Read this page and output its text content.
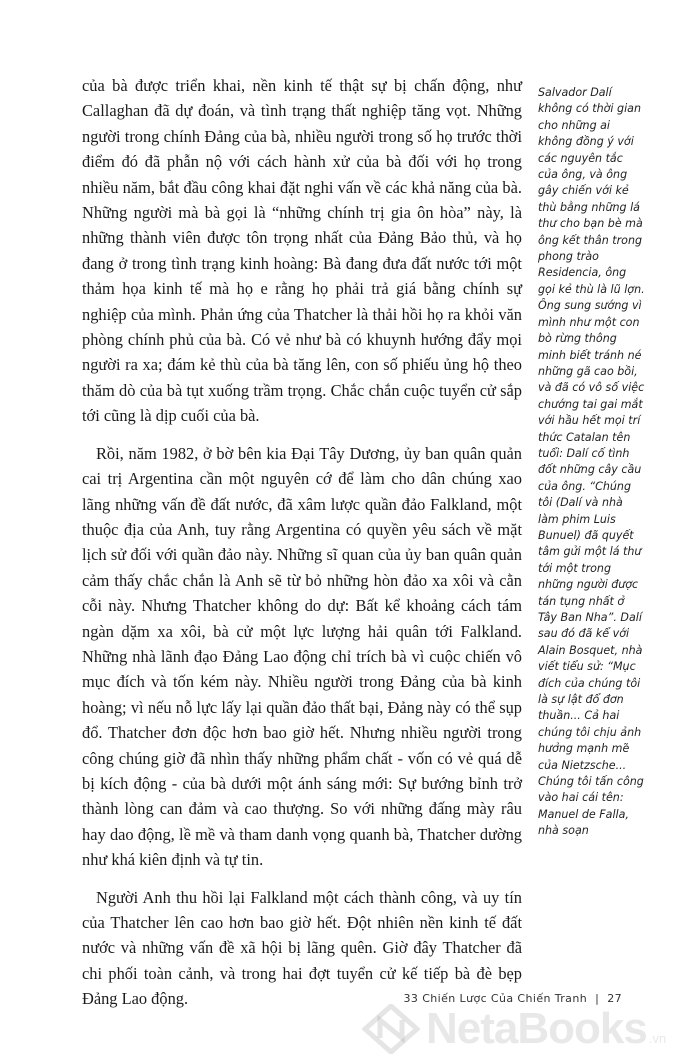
của bà được triển khai, nền kinh tế thật sự bị chấn động, như Callaghan đã dự đoán, và tình trạng thất nghiệp tăng vọt. Những người trong chính Đảng của bà, nhiều người trong số họ trước thời điểm đó đã phẫn nộ với cách hành xử của bà đối với họ trong nhiều năm, bắt đầu công khai đặt nghi vấn về các khả năng của bà. Những người mà bà gọi là “những chính trị gia ôn hòa” này, là những thành viên được tôn trọng nhất của Đảng Bảo thủ, và họ đang ở trong tình trạng kinh hoàng: Bà đang đưa đất nước tới một thảm họa kinh tế mà họ e rằng họ phải trả giá bằng chính sự nghiệp của mình. Phản ứng của Thatcher là thải hồi họ ra khỏi văn phòng chính phủ của bà. Có vẻ như bà có khuynh hướng đẩy mọi người ra xa; đám kẻ thù của bà tăng lên, con số phiếu ủng hộ theo thăm dò của bà tụt xuống trầm trọng. Chắc chắn cuộc tuyển cử sắp tới cũng là dịp cuối của bà.

Rồi, năm 1982, ở bờ bên kia Đại Tây Dương, ủy ban quân quản cai trị Argentina cần một nguyên cớ để làm cho dân chúng xao lãng những vấn đề đất nước, đã xâm lược quần đảo Falkland, một thuộc địa của Anh, tuy rằng Argentina có quyền yêu sách về mặt lịch sử đối với quần đảo này. Những sĩ quan của ủy ban quân quản cảm thấy chắc chắn là Anh sẽ từ bỏ những hòn đảo xa xôi và cằn cỗi này. Nhưng Thatcher không do dự: Bất kể khoảng cách tám ngàn dặm xa xôi, bà cử một lực lượng hải quân tới Falkland. Những nhà lãnh đạo Đảng Lao động chỉ trích bà vì cuộc chiến vô mục đích và tốn kém này. Nhiều người trong Đảng của bà kinh hoàng; vì nếu nỗ lực lấy lại quần đảo thất bại, Đảng này có thể sụp đổ. Thatcher đơn độc hơn bao giờ hết. Nhưng nhiều người trong công chúng giờ đã nhìn thấy những phẩm chất - vốn có vẻ quá dễ bị kích động - của bà dưới một ánh sáng mới: Sự bướng bỉnh trở thành lòng can đảm và cao thượng. So với những đấng mày râu hay dao động, lề mề và tham danh vọng quanh bà, Thatcher dường như khá kiên định và tự tin.

Người Anh thu hồi lại Falkland một cách thành công, và uy tín của Thatcher lên cao hơn bao giờ hết. Đột nhiên nền kinh tế đất nước và những vấn đề xã hội bị lãng quên. Giờ đây Thatcher đã chi phối toàn cảnh, và trong hai đợt tuyển cử kế tiếp bà đè bẹp Đảng Lao động.

Salvador Dalí không có thời gian cho những ai không đồng ý với các nguyên tắc của ông, và ông gây chiến với kẻ thù bằng những lá thư cho bạn bè mà ông kết thân trong phong trào Residencia, ông gọi kẻ thù là lũ lợn. Ông sung sướng vì mình như một con bò rừng thông minh biết tránh né những gã cao bồi, và đã có vô số việc chướng tai gai mắt với hầu hết mọi trí thức Catalan tên tuổi: Dalí cố tình đốt những cây cầu của ông. “Chúng tôi (Dalí và nhà làm phim Luis Bunuel) đã quyết tâm gửi một lá thư tới một trong những người được tán tụng nhất ở Tây Ban Nha”. Dalí sau đó đã kể với Alain Bosquet, nhà viết tiểu sử: “Mục đích của chúng tôi là sự lật đổ đơn thuần... Cả hai chúng tôi chịu ảnh hưởng mạnh mẽ của Nietzsche... Chúng tôi tấn công vào hai cái tên: Manuel de Falla, nhà soạn
33 Chiến Lược Của Chiến Tranh | 27
NetaBooks .vn
